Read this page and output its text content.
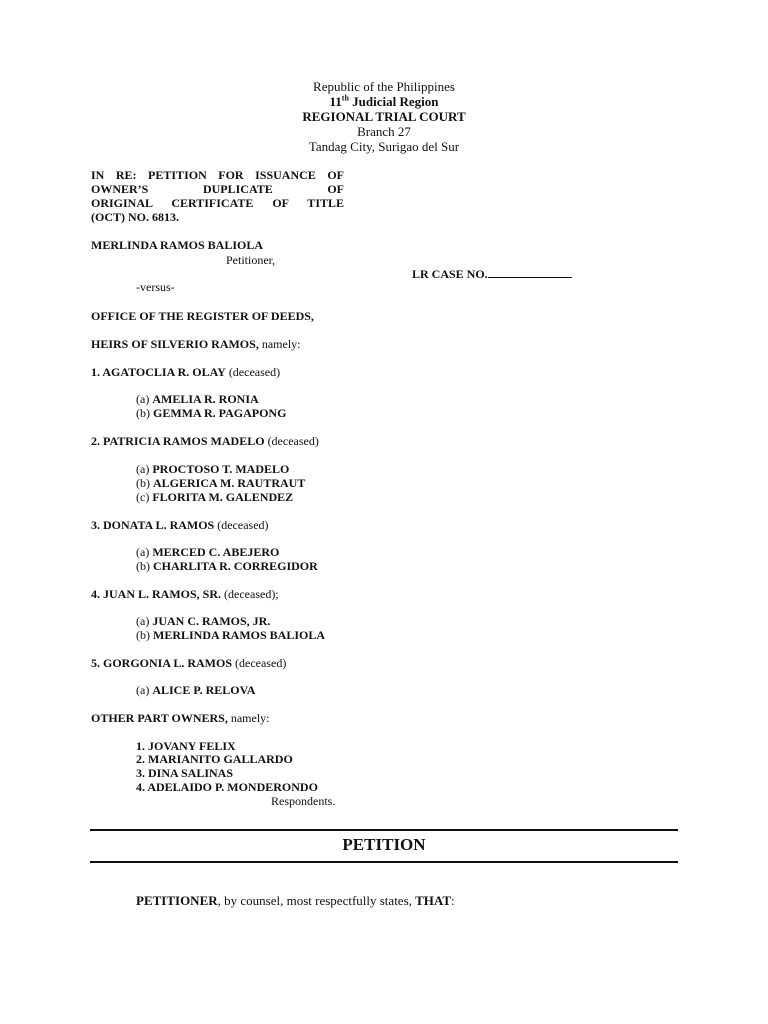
Republic of the Philippines
11th Judicial Region
REGIONAL TRIAL COURT
Branch 27
Tandag City, Surigao del Sur
IN RE: PETITION FOR ISSUANCE OF
OWNER’S DUPLICATE OF
ORIGINAL CERTIFICATE OF TITLE
(OCT) NO. 6813.
MERLINDA RAMOS BALIOLA
Petitioner,
LR CASE NO.
-versus-
OFFICE OF THE REGISTER OF DEEDS,
HEIRS OF SILVERIO RAMOS, namely:
1. AGATOCLIA R. OLAY (deceased)
(a) AMELIA R. RONIA
(b) GEMMA R. PAGAPONG
2. PATRICIA RAMOS MADELO (deceased)
(a) PROCTOSO T. MADELO
(b) ALGERICA M. RAUTRAUT
(c) FLORITA M. GALENDEZ
3. DONATA L. RAMOS (deceased)
(a) MERCED C. ABEJERO
(b) CHARLITA R. CORREGIDOR
4. JUAN L. RAMOS, SR. (deceased);
(a) JUAN C. RAMOS, JR.
(b) MERLINDA RAMOS BALIOLA
5. GORGONIA L. RAMOS (deceased)
(a) ALICE P. RELOVA
OTHER PART OWNERS, namely:
1. JOVANY FELIX
2. MARIANITO GALLARDO
3. DINA SALINAS
4. ADELAIDO P. MONDERONDO
Respondents.
PETITION
PETITIONER, by counsel, most respectfully states, THAT:
